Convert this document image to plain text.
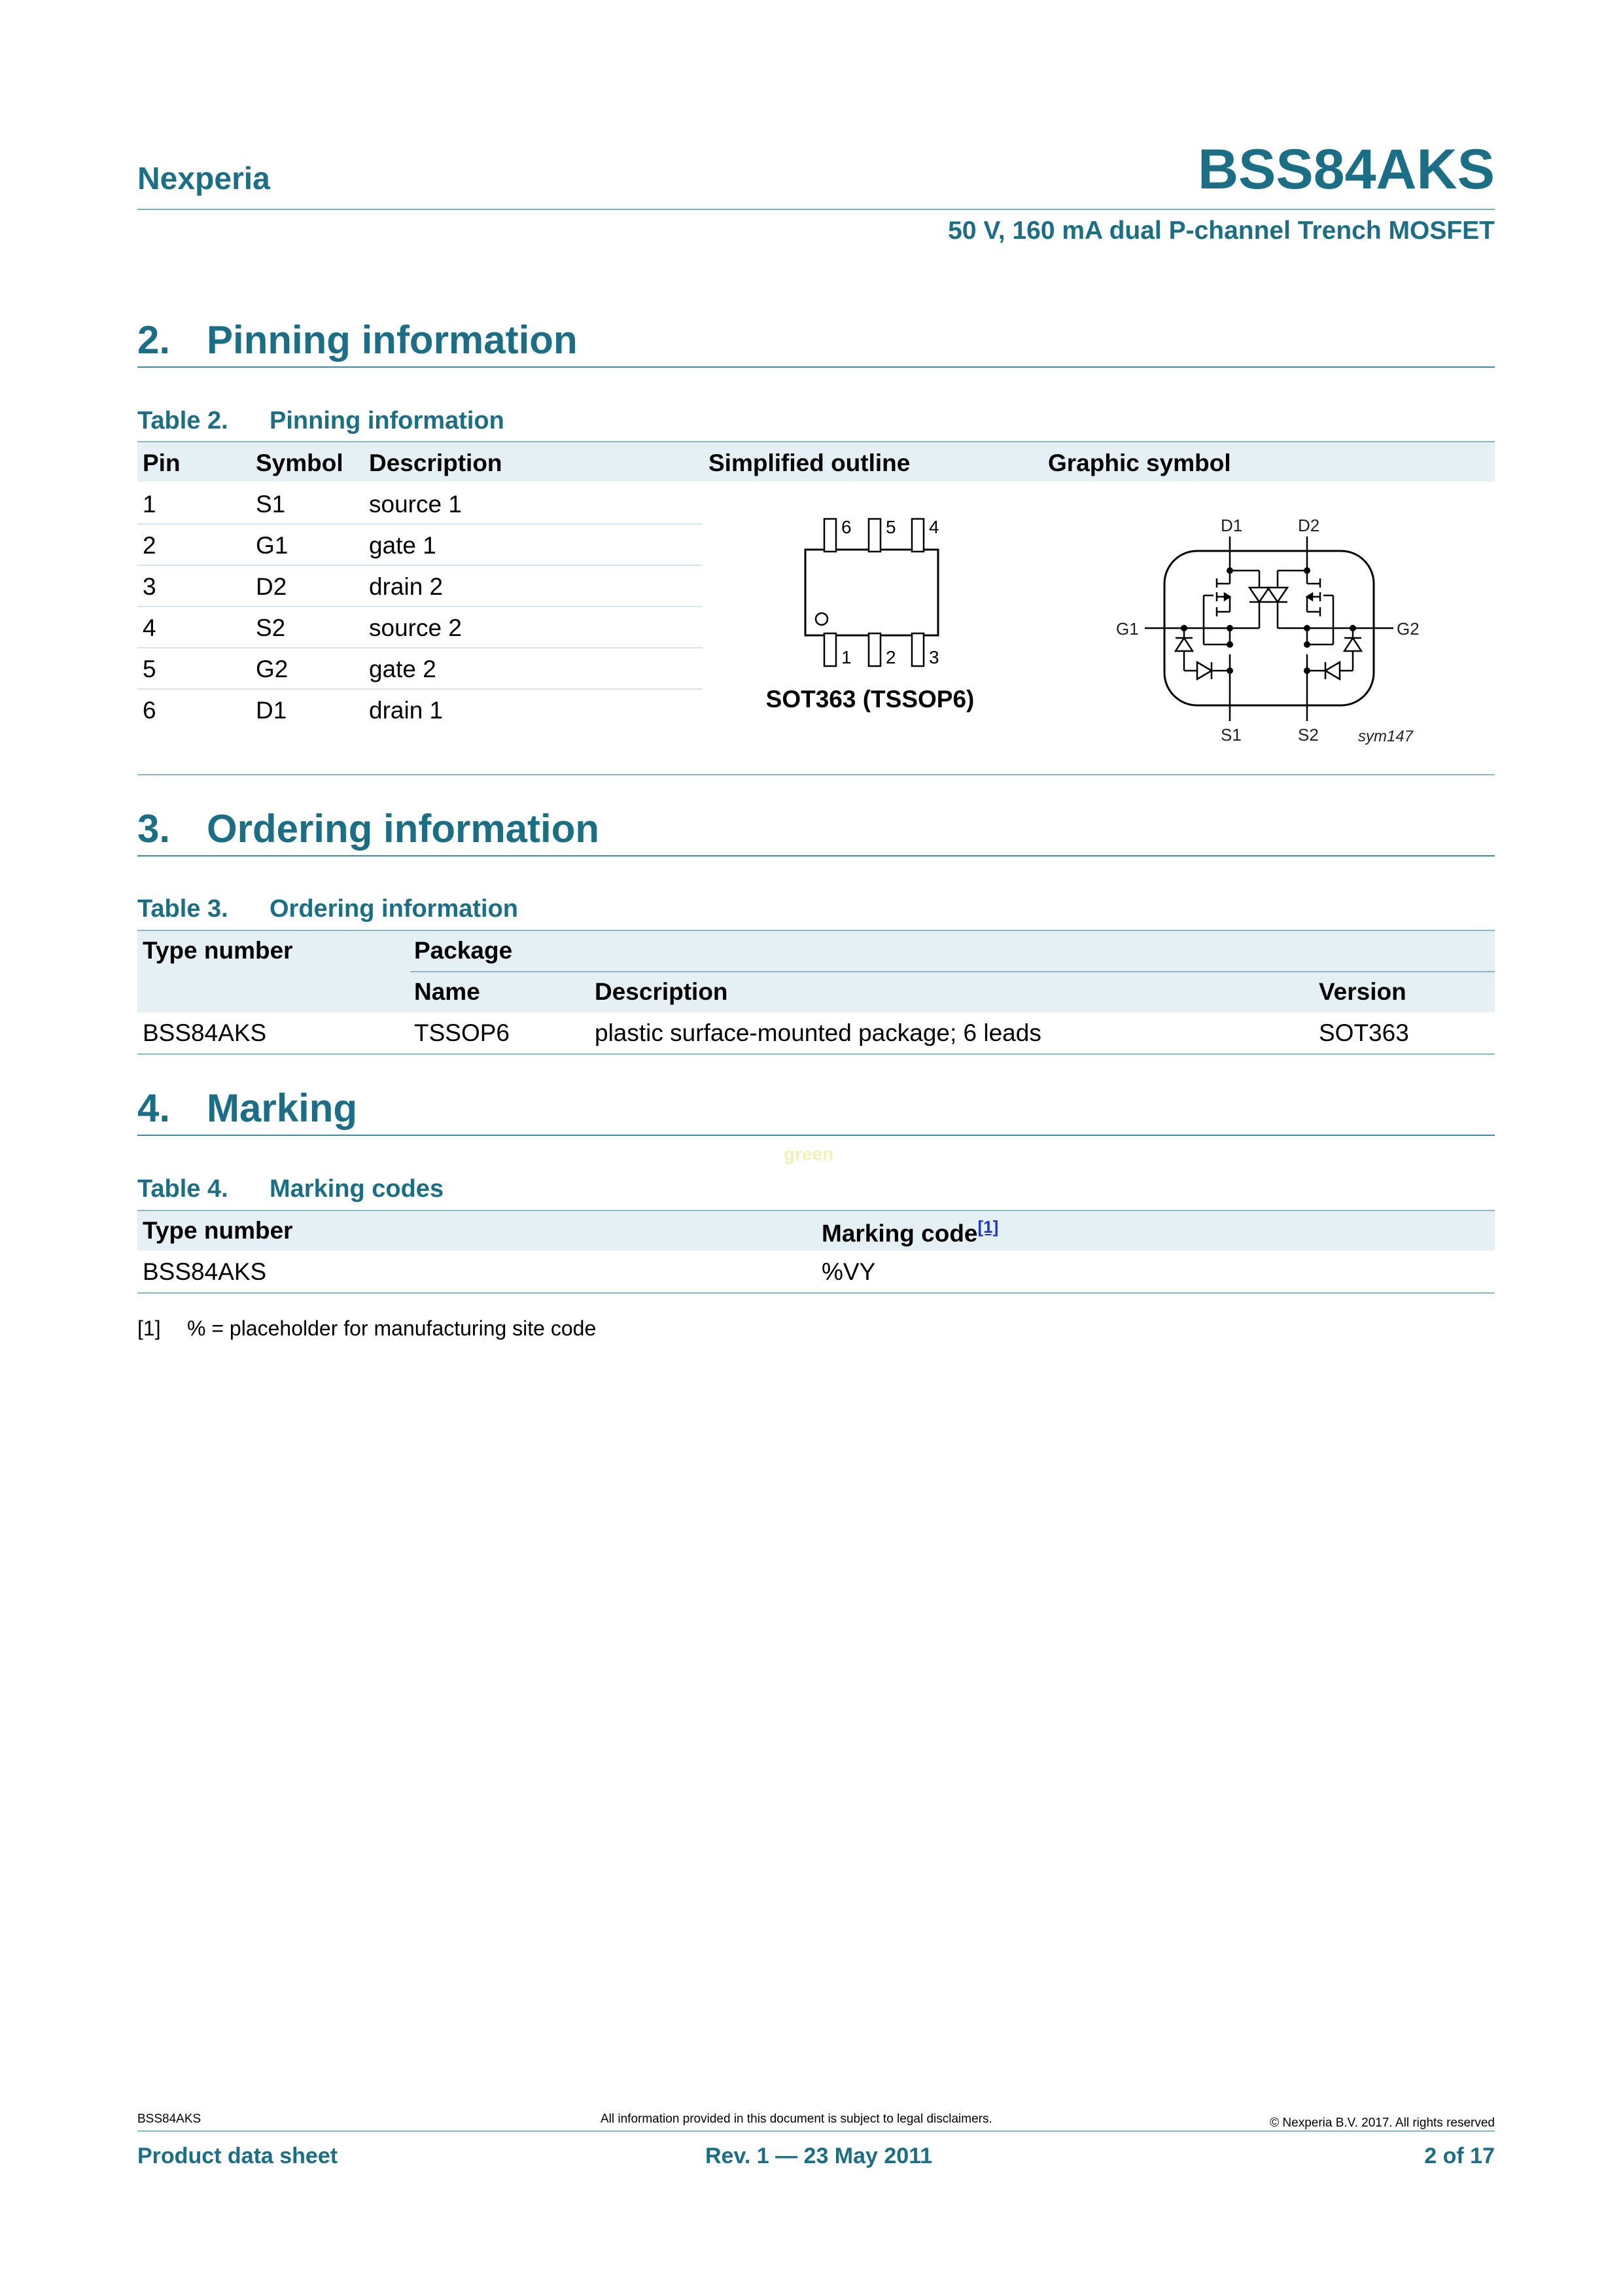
Nexperia	BSS84AKS
50 V, 160 mA dual P-channel Trench MOSFET
2. Pinning information
Table 2. Pinning information
Pin	Symbol Description	Simplified outline	Graphic symbol
1	S1	source 1
2	G1	gate 1
3	D2	drain 2
4	S2	source 2
5	G2	gate 2
6	D1	drain 1
6 5 4
1 2 3
SOT363 (TSSOP6)
D1	D2
G1	G2
S1	S2	sym147
3. Ordering information
Table 3. Ordering information
Type number	Package
Name	Description	Version
BSS84AKS	TSSOP6	plastic surface-mounted package; 6 leads	SOT363
4. Marking
green
Table 4. Marking codes
Type number	Marking code[1]
BSS84AKS	%VY
[1] % = placeholder for manufacturing site code
BSS84AKS	All information provided in this document is subject to legal disclaimers.	© Nexperia B.V. 2017. All rights reserved
Product data sheet	Rev. 1 — 23 May 2011	2 of 17
